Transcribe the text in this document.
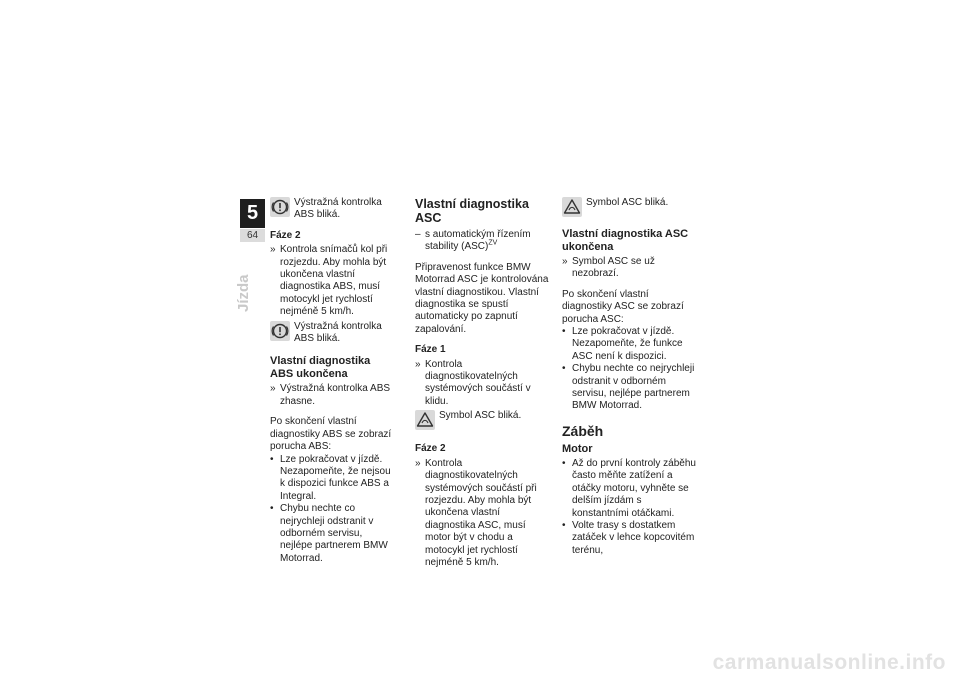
5
64
Jízda
Výstražná kontrolka ABS bliká.
Fáze 2
» Kontrola snímačů kol při rozjezdu. Aby mohla být ukončena vlastní diagnostika ABS, musí motocykl jet rychlostí nejméně 5 km/h.
Výstražná kontrolka ABS bliká.
Vlastní diagnostika ABS ukončena
» Výstražná kontrolka ABS zhasne.
Po skončení vlastní diagnostiky ABS se zobrazí porucha ABS:
• Lze pokračovat v jízdě. Nezapomeňte, že nejsou k dispozici funkce ABS a Integral.
• Chybu nechte co nejrychleji odstranit v odborném servisu, nejlépe partnerem BMW Motorrad.
Vlastní diagnostika ASC
– s automatickým řízením stability (ASC)$^{ZV}$
Připravenost funkce BMW Motorrad ASC je kontrolována vlastní diagnostikou. Vlastní diagnostika se spustí automaticky po zapnutí zapalování.
Fáze 1
» Kontrola diagnostikovatelných systémových součástí v klidu.
Symbol ASC bliká.
Fáze 2
» Kontrola diagnostikovatelných systémových součástí při rozjezdu. Aby mohla být ukončena vlastní diagnostika ASC, musí motor být v chodu a motocykl jet rychlostí nejméně 5 km/h.
Symbol ASC bliká.
Vlastní diagnostika ASC ukončena
» Symbol ASC se už nezobrazí.
Po skončení vlastní diagnostiky ASC se zobrazí porucha ASC:
• Lze pokračovat v jízdě. Nezapomeňte, že funkce ASC není k dispozici.
• Chybu nechte co nejrychleji odstranit v odborném servisu, nejlépe partnerem BMW Motorrad.
Záběh
Motor
• Až do první kontroly záběhu často měňte zatížení a otáčky motoru, vyhněte se delším jízdám s konstantními otáčkami.
• Volte trasy s dostatkem zatáček v lehce kopcovitém terénu,
carmanualsonline.info
